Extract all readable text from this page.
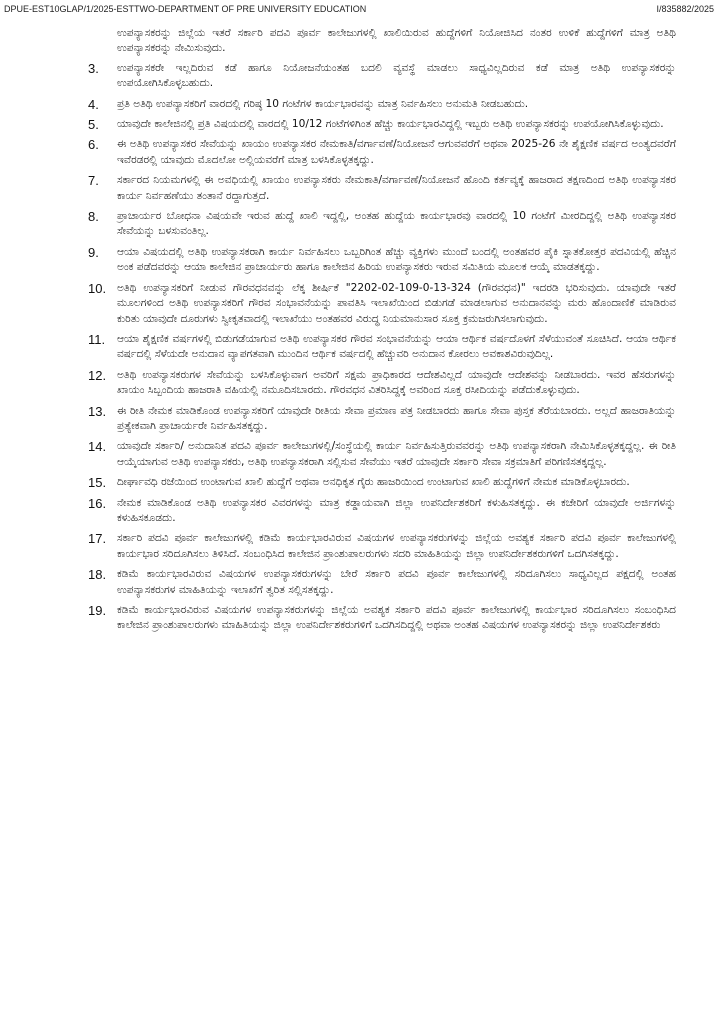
DPUE-EST10GLAP/1/2025-ESTTWO-DEPARTMENT OF PRE UNIVERSITY EDUCATION	I/835882/2025

ಉಪನ್ಯಾಸಕರನ್ನು ಜಿಲ್ಲೆಯ ಇತರೆ ಸರ್ಕಾರಿ ಪದವಿ ಪೂರ್ವ ಕಾಲೇಜುಗಳಲ್ಲಿ ಖಾಲಿಯಿರುವ ಹುದ್ದೆಗಳಿಗೆ ನಿಯೋಜಿಸಿದ ನಂತರ ಉಳಿಕೆ ಹುದ್ದೆಗಳಿಗೆ ಮಾತ್ರ ಅತಿಥಿ ಉಪನ್ಯಾಸಕರನ್ನು ನೇಮಿಸುವುದು.

3. ಉಪನ್ಯಾಸಕರೇ ಇಲ್ಲದಿರುವ ಕಡೆ ಹಾಗೂ ನಿಯೋಜನೆಯಂತಹ ಬದಲಿ ವ್ಯವಸ್ಥೆ ಮಾಡಲು ಸಾಧ್ಯವಿಲ್ಲದಿರುವ ಕಡೆ ಮಾತ್ರ ಅತಿಥಿ ಉಪನ್ಯಾಸಕರನ್ನು ಉಪಯೋಗಿಸಿಕೊಳ್ಳಬಹುದು.

4. ಪ್ರತಿ ಅತಿಥಿ ಉಪನ್ಯಾಸಕರಿಗೆ ವಾರದಲ್ಲಿ ಗರಿಷ್ಠ 10 ಗಂಟೆಗಳ ಕಾರ್ಯಭಾರವನ್ನು ಮಾತ್ರ ನಿರ್ವಹಿಸಲು ಅನುಮತಿ ನೀಡಬಹುದು.

5. ಯಾವುದೇ ಕಾಲೇಜಿನಲ್ಲಿ ಪ್ರತಿ ವಿಷಯದಲ್ಲಿ ವಾರದಲ್ಲಿ 10/12 ಗಂಟೆಗಳಿಗಿಂತ ಹೆಚ್ಚು ಕಾರ್ಯಭಾರವಿದ್ದಲ್ಲಿ ಇಬ್ಬರು ಅತಿಥಿ ಉಪನ್ಯಾಸಕರನ್ನು ಉಪಯೋಗಿಸಿಕೊಳ್ಳುವುದು.

6. ಈ ಅತಿಥಿ ಉಪನ್ಯಾಸಕರ ಸೇವೆಯನ್ನು ಖಾಯಂ ಉಪನ್ಯಾಸಕರ ನೇಮಕಾತಿ/ವರ್ಗಾವಣೆ/ನಿಯೋಜನೆ ಆಗುವವರೆಗೆ ಅಥವಾ 2025-26 ನೇ ಶೈಕ್ಷಣಿಕ ವರ್ಷದ ಅಂತ್ಯದವರೆಗೆ ಇವೆರಡರಲ್ಲಿ ಯಾವುದು ಮೊದಲೋ ಅಲ್ಲಿಯವರೆಗೆ ಮಾತ್ರ ಬಳಸಿಕೊಳ್ಳತಕ್ಕದ್ದು.

7. ಸರ್ಕಾರದ ನಿಯಮಗಳಲ್ಲಿ ಈ ಅವಧಿಯಲ್ಲಿ ಖಾಯಂ ಉಪನ್ಯಾಸಕರು ನೇಮಕಾತಿ/ವರ್ಗಾವಣೆ/ನಿಯೋಜನೆ ಹೊಂದಿ ಕರ್ತವ್ಯಕ್ಕೆ ಹಾಜರಾದ ತಕ್ಷಣದಿಂದ ಅತಿಥಿ ಉಪನ್ಯಾಸಕರ ಕಾರ್ಯ ನಿರ್ವಹಣೆಯು ತಂತಾನೆ ರದ್ದಾಗುತ್ತದೆ.

8. ಪ್ರಾಚಾರ್ಯರ ಬೋಧನಾ ವಿಷಯವೇ ಇರುವ ಹುದ್ದೆ ಖಾಲಿ ಇದ್ದಲ್ಲಿ, ಅಂತಹ ಹುದ್ದೆಯ ಕಾರ್ಯಭಾರವು ವಾರದಲ್ಲಿ 10 ಗಂಟೆಗೆ ಮೀರದಿದ್ದಲ್ಲಿ ಅತಿಥಿ ಉಪನ್ಯಾಸಕರ ಸೇವೆಯನ್ನು ಬಳಸುವಂತಿಲ್ಲ.

9. ಆಯಾ ವಿಷಯದಲ್ಲಿ ಅತಿಥಿ ಉಪನ್ಯಾಸಕರಾಗಿ ಕಾರ್ಯ ನಿರ್ವಹಿಸಲು ಒಬ್ಬರಿಗಿಂತ ಹೆಚ್ಚು ವ್ಯಕ್ತಿಗಳು ಮುಂದೆ ಬಂದಲ್ಲಿ ಅಂತಹವರ ಪೈಕಿ ಸ್ನಾತಕೋತ್ತರ ಪದವಿಯಲ್ಲಿ ಹೆಚ್ಚಿನ ಅಂಕ ಪಡೆದವರನ್ನು ಆಯಾ ಕಾಲೇಜಿನ ಪ್ರಾಚಾರ್ಯರು ಹಾಗೂ ಕಾಲೇಜಿನ ಹಿರಿಯ ಉಪನ್ಯಾಸಕರು ಇರುವ ಸಮಿತಿಯ ಮೂಲಕ ಆಯ್ಕೆ ಮಾಡತಕ್ಕದ್ದು.

10. ಅತಿಥಿ ಉಪನ್ಯಾಸಕರಿಗೆ ನೀಡುವ ಗೌರವಧನವನ್ನು ಲೆಕ್ಕ ಶೀರ್ಷಿಕೆ "2202-02-109-0-13-324 (ಗೌರವಧನ)" ಇದರಡಿ ಭರಿಸುವುದು. ಯಾವುದೇ ಇತರೆ ಮೂಲಗಳಿಂದ ಅತಿಥಿ ಉಪನ್ಯಾಸಕರಿಗೆ ಗೌರವ ಸಂಭಾವನೆಯನ್ನು ಪಾವತಿಸಿ ಇಲಾಖೆಯಿಂದ ಬಿಡುಗಡೆ ಮಾಡಲಾಗುವ ಅನುದಾನವನ್ನು ಮರು ಹೊಂದಾಣಿಕೆ ಮಾಡಿರುವ ಕುರಿತು ಯಾವುದೇ ದೂರುಗಳು ಸ್ವೀಕೃತವಾದಲ್ಲಿ ಇಲಾಖೆಯು ಅಂತಹವರ ವಿರುದ್ಧ ನಿಯಮಾನುಸಾರ ಸೂಕ್ತ ಕ್ರಮಜರುಗಿಸಲಾಗುವುದು.

11. ಆಯಾ ಶೈಕ್ಷಣಿಕ ವರ್ಷಗಳಲ್ಲಿ ಬಿಡುಗಡೆಯಾಗುವ ಅತಿಥಿ ಉಪನ್ಯಾಸಕರ ಗೌರವ ಸಂಭಾವನೆಯನ್ನು ಆಯಾ ಆರ್ಥಿಕ ವರ್ಷದೊಳಗೆ ಸೆಳೆಯುವಂತೆ ಸೂಚಿಸಿದೆ. ಆಯಾ ಆರ್ಥಿಕ ವರ್ಷದಲ್ಲಿ ಸೆಳೆಯದೇ ಅನುದಾನ ವ್ಯಾಪಗತವಾಗಿ ಮುಂದಿನ ಆರ್ಥಿಕ ವರ್ಷದಲ್ಲಿ ಹೆಚ್ಚುವರಿ ಅನುದಾನ ಕೋರಲು ಅವಕಾಶವಿರುವುದಿಲ್ಲ.

12. ಅತಿಥಿ ಉಪನ್ಯಾಸಕರುಗಳ ಸೇವೆಯನ್ನು ಬಳಸಿಕೊಳ್ಳುವಾಗ ಅವರಿಗೆ ಸಕ್ಷಮ ಪ್ರಾಧಿಕಾರದ ಆದೇಶವಿಲ್ಲದೆ ಯಾವುದೇ ಆದೇಶವನ್ನು ನೀಡಬಾರದು. ಇವರ ಹೆಸರುಗಳನ್ನು ಖಾಯಂ ಸಿಬ್ಬಂದಿಯ ಹಾಜರಾತಿ ವಹಿಯಲ್ಲಿ ನಮೂದಿಸಬಾರದು. ಗೌರವಧನ ವಿತರಿಸಿದ್ದಕ್ಕೆ ಅವರಿಂದ ಸೂಕ್ತ ರಸೀದಿಯನ್ನು ಪಡೆದುಕೊಳ್ಳುವುದು.

13. ಈ ರೀತಿ ನೇಮಕ ಮಾಡಿಕೊಂಡ ಉಪನ್ಯಾಸಕರಿಗೆ ಯಾವುದೇ ರೀತಿಯ ಸೇವಾ ಪ್ರಮಾಣ ಪತ್ರ ನೀಡಬಾರದು ಹಾಗೂ ಸೇವಾ ಪುಸ್ತಕ ತೆರೆಯಬಾರದು. ಅಲ್ಲದೆ ಹಾಜರಾತಿಯನ್ನು ಪ್ರತ್ಯೇಕವಾಗಿ ಪ್ರಾಚಾರ್ಯರೇ ನಿರ್ವಹಿಸತಕ್ಕದ್ದು.

14. ಯಾವುದೇ ಸರ್ಕಾರಿ/ ಅನುದಾನಿತ ಪದವಿ ಪೂರ್ವ ಕಾಲೇಜುಗಳಲ್ಲಿ/ಸಂಸ್ಥೆಯಲ್ಲಿ ಕಾರ್ಯ ನಿರ್ವಹಿಸುತ್ತಿರುವವರನ್ನು ಅತಿಥಿ ಉಪನ್ಯಾಸಕರಾಗಿ ನೇಮಿಸಿಕೊಳ್ಳತಕ್ಕದ್ದಲ್ಲ. ಈ ರೀತಿ ಆಯ್ಕೆಯಾಗುವ ಅತಿಥಿ ಉಪನ್ಯಾಸಕರು, ಅತಿಥಿ ಉಪನ್ಯಾಸಕರಾಗಿ ಸಲ್ಲಿಸುವ ಸೇವೆಯು ಇತರೆ ಯಾವುದೇ ಸರ್ಕಾರಿ ಸೇವಾ ಸಕ್ರಮಾತಿಗೆ ಪರಿಗಣಿಸತಕ್ಕದ್ದಲ್ಲ.

15. ದೀರ್ಘಾವಧಿ ರಜೆಯಿಂದ ಉಂಟಾಗುವ ಖಾಲಿ ಹುದ್ದೆಗೆ ಅಥವಾ ಅನಧಿಕೃತ ಗೈರು ಹಾಜರಿಯಿಂದ ಉಂಟಾಗುವ ಖಾಲಿ ಹುದ್ದೆಗಳಿಗೆ ನೇಮಕ ಮಾಡಿಕೊಳ್ಳಬಾರದು.

16. ನೇಮಕ ಮಾಡಿಕೊಂಡ ಅತಿಥಿ ಉಪನ್ಯಾಸಕರ ವಿವರಗಳನ್ನು ಮಾತ್ರ ಕಡ್ಡಾಯವಾಗಿ ಜಿಲ್ಲಾ ಉಪನಿರ್ದೇಶಕರಿಗೆ ಕಳುಹಿಸತಕ್ಕದ್ದು. ಈ ಕಚೇರಿಗೆ ಯಾವುದೇ ಅರ್ಜಿಗಳನ್ನು ಕಳುಹಿಸಕೂಡದು.

17. ಸರ್ಕಾರಿ ಪದವಿ ಪೂರ್ವ ಕಾಲೇಜುಗಳಲ್ಲಿ ಕಡಿಮೆ ಕಾರ್ಯಭಾರವಿರುವ ವಿಷಯಗಳ ಉಪನ್ಯಾಸಕರುಗಳನ್ನು ಜಿಲ್ಲೆಯ ಅವಶ್ಯಕ ಸರ್ಕಾರಿ ಪದವಿ ಪೂರ್ವ ಕಾಲೇಜುಗಳಲ್ಲಿ ಕಾರ್ಯಭಾರ ಸರಿದೂಗಿಸಲು ತಿಳಿಸಿದೆ. ಸಂಬಂಧಿಸಿದ ಕಾಲೇಜಿನ ಪ್ರಾಂಶುಪಾಲರುಗಳು ಸದರಿ ಮಾಹಿತಿಯನ್ನು ಜಿಲ್ಲಾ ಉಪನಿರ್ದೇಶಕರುಗಳಿಗೆ ಒದಗಿಸತಕ್ಕದ್ದು.

18. ಕಡಿಮೆ ಕಾರ್ಯಭಾರವಿರುವ ವಿಷಯಗಳ ಉಪನ್ಯಾಸಕರುಗಳನ್ನು ಬೇರೆ ಸರ್ಕಾರಿ ಪದವಿ ಪೂರ್ವ ಕಾಲೇಜುಗಳಲ್ಲಿ ಸರಿದೂಗಿಸಲು ಸಾಧ್ಯವಿಲ್ಲದ ಪಕ್ಷದಲ್ಲಿ ಅಂತಹ ಉಪನ್ಯಾಸಕರುಗಳ ಮಾಹಿತಿಯನ್ನು ಇಲಾಖೆಗೆ ತ್ವರಿತ ಸಲ್ಲಿಸತಕ್ಕದ್ದು.

19. ಕಡಿಮೆ ಕಾರ್ಯಭಾರವಿರುವ ವಿಷಯಗಳ ಉಪನ್ಯಾಸಕರುಗಳನ್ನು ಜಿಲ್ಲೆಯ ಅವಶ್ಯಕ ಸರ್ಕಾರಿ ಪದವಿ ಪೂರ್ವ ಕಾಲೇಜುಗಳಲ್ಲಿ ಕಾರ್ಯಭಾರ ಸರಿದೂಗಿಸಲು ಸಂಬಂಧಿಸಿದ ಕಾಲೇಜಿನ ಪ್ರಾಂಶುಪಾಲರುಗಳು ಮಾಹಿತಿಯನ್ನು ಜಿಲ್ಲಾ ಉಪನಿರ್ದೇಶಕರುಗಳಿಗೆ ಒದಗಿಸದಿದ್ದಲ್ಲಿ ಅಥವಾ ಅಂತಹ ವಿಷಯಗಳ ಉಪನ್ಯಾಸಕರನ್ನು ಜಿಲ್ಲಾ ಉಪನಿರ್ದೇಶಕರು
